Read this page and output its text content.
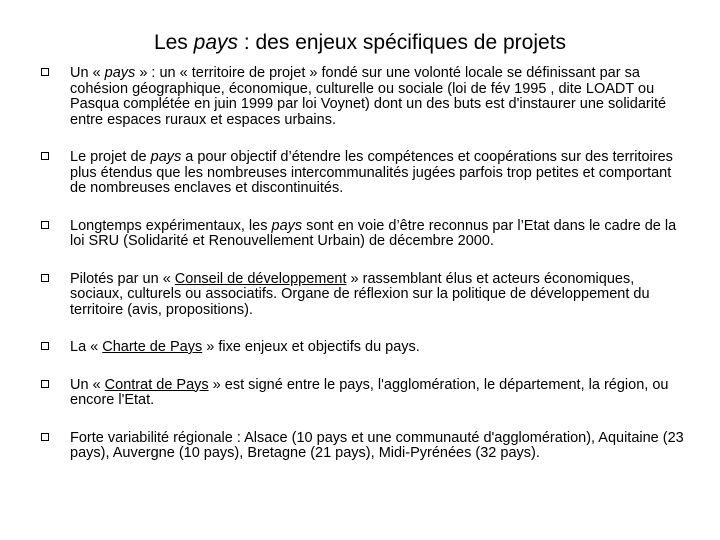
Les pays : des enjeux spécifiques de projets
Un « pays » : un « territoire de projet » fondé sur une volonté locale se définissant par sa cohésion géographique, économique, culturelle ou sociale (loi de fév 1995 , dite LOADT ou Pasqua complétée en juin 1999 par loi Voynet) dont un des buts est d'instaurer une solidarité entre espaces ruraux et espaces urbains.
Le projet de pays a pour objectif d’étendre les compétences et coopérations sur des territoires plus étendus que les nombreuses intercommunalités jugées parfois trop petites et comportant de nombreuses enclaves et discontinuités.
Longtemps expérimentaux, les pays sont en voie d’être reconnus par l’Etat dans le cadre de la loi SRU (Solidarité et Renouvellement Urbain) de décembre 2000.
Pilotés par un « Conseil de développement » rassemblant élus et acteurs économiques, sociaux, culturels ou associatifs. Organe de réflexion sur la politique de développement du territoire (avis, propositions).
La « Charte de Pays » fixe enjeux et objectifs du pays.
Un « Contrat de Pays » est signé entre le pays, l'agglomération, le département, la région, ou encore l'Etat.
Forte variabilité régionale : Alsace (10 pays et une communauté d'agglomération), Aquitaine (23 pays), Auvergne (10 pays), Bretagne (21 pays), Midi-Pyrénées (32 pays).
